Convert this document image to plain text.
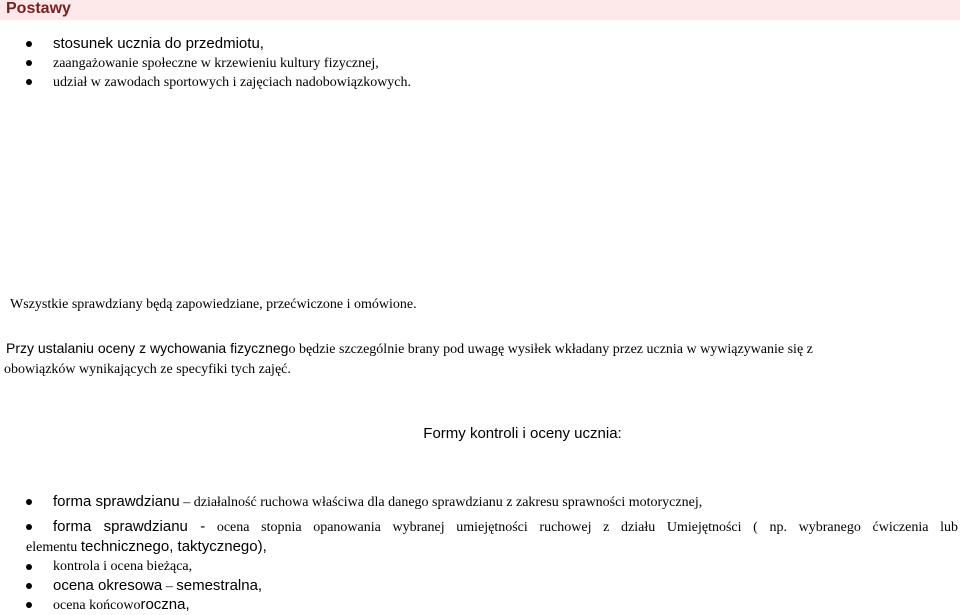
Postawy
stosunek ucznia do przedmiotu,
zaangażowanie społeczne w krzewieniu kultury fizycznej,
udział w zawodach sportowych i zajęciach nadobowiązkowych.
Wszystkie sprawdziany będą zapowiedziane, przećwiczone i omówione.
Przy ustalaniu oceny z wychowania fizycznego będzie szczególnie brany pod uwagę wysiłek wkładany przez ucznia w wywiązywanie się z
obowiązków wynikających ze specyfiki tych zajęć.
Formy kontroli i oceny ucznia:
forma sprawdzianu – działalność ruchowa właściwa dla danego sprawdzianu z zakresu sprawności motorycznej,
forma sprawdzianu - ocena stopnia opanowania wybranej umiejętności ruchowej z działu Umiejętności ( np. wybranego ćwiczenia lub
elementu technicznego, taktycznego),
kontrola i ocena bieżąca,
ocena okresowa – semestralna,
ocena końcoworoczna,
